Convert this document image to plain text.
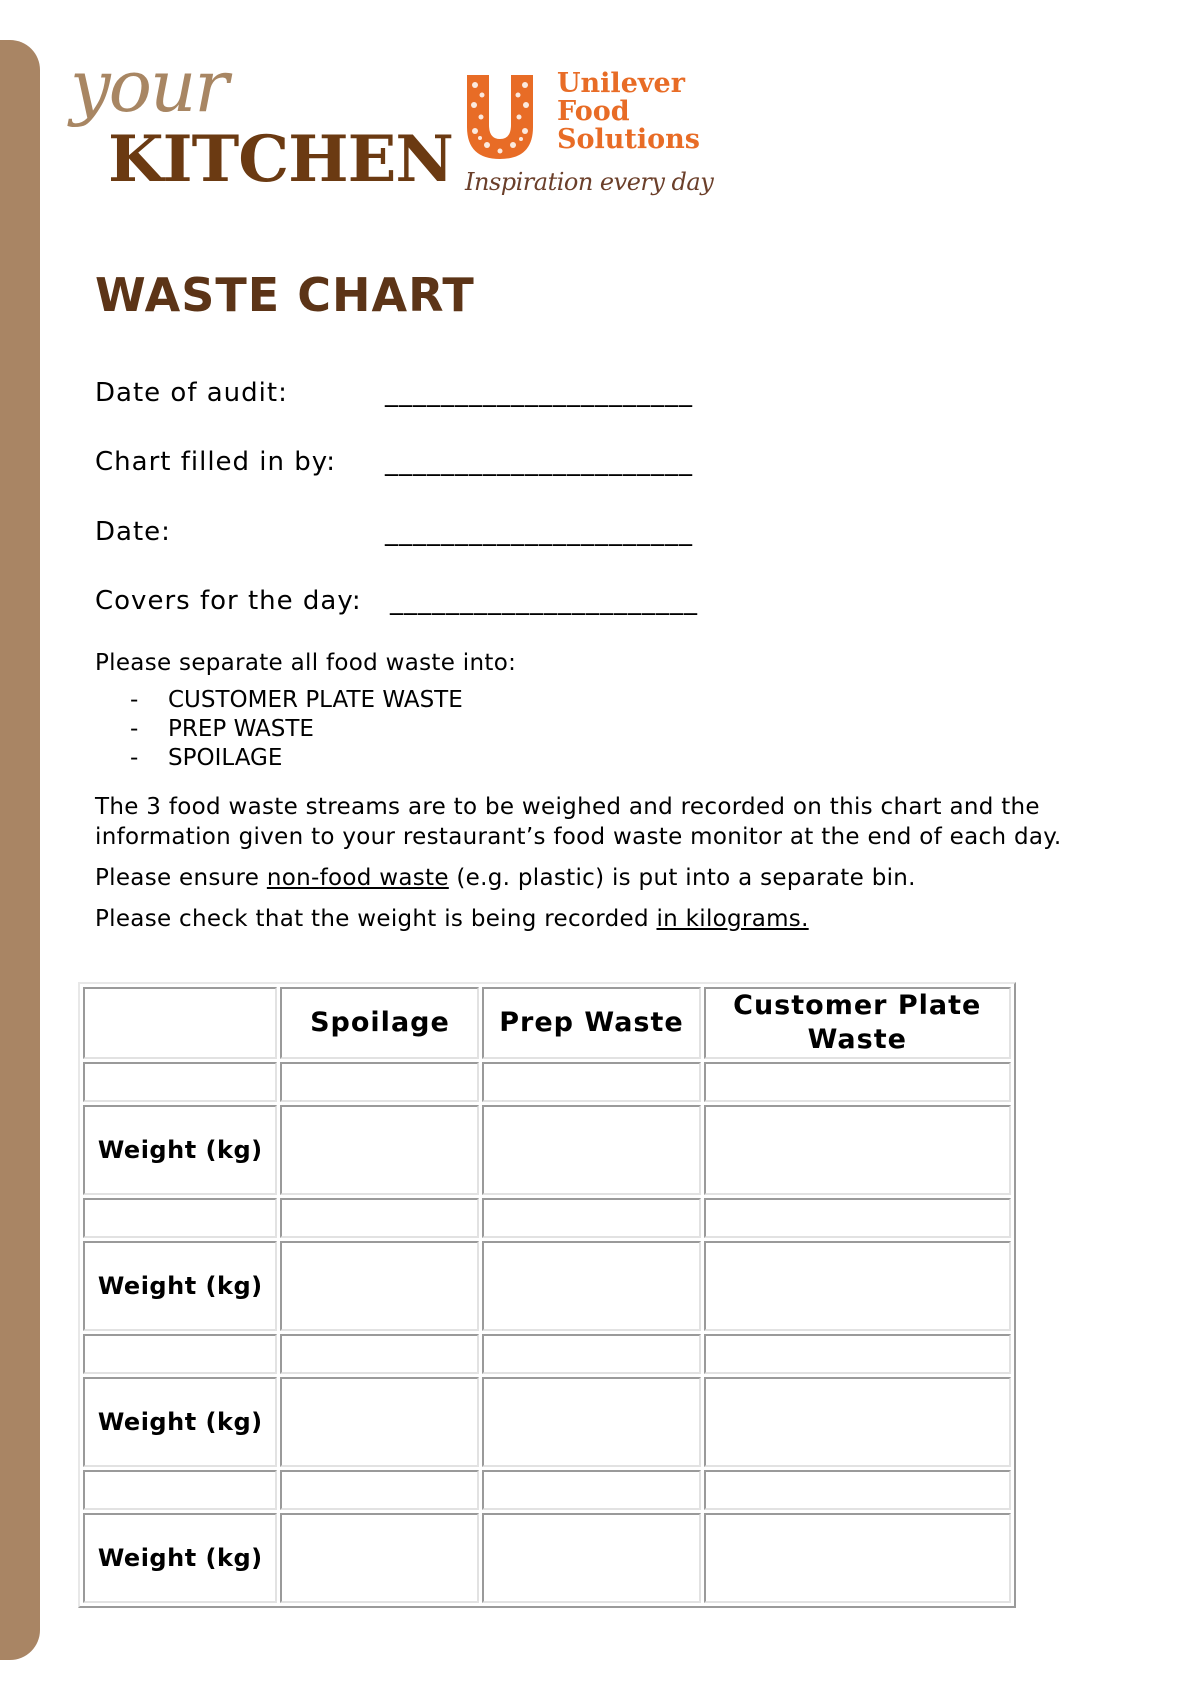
your
KITCHEN
Unilever
Food
Solutions
Inspiration every day
WASTE CHART
Date of audit:	______________________
Chart filled in by: ______________________
Date:	______________________
Covers for the day: ______________________
Please separate all food waste into:
- CUSTOMER PLATE WASTE
- PREP WASTE
- SPOILAGE
The 3 food waste streams are to be weighed and recorded on this chart and the
information given to your restaurant’s food waste monitor at the end of each day.
Please ensure non-food waste (e.g. plastic) is put into a separate bin.
Please check that the weight is being recorded in kilograms.
	Spoilage	Prep Waste	Customer Plate Waste

Weight (kg)			

Weight (kg)			

Weight (kg)			

Weight (kg)			
